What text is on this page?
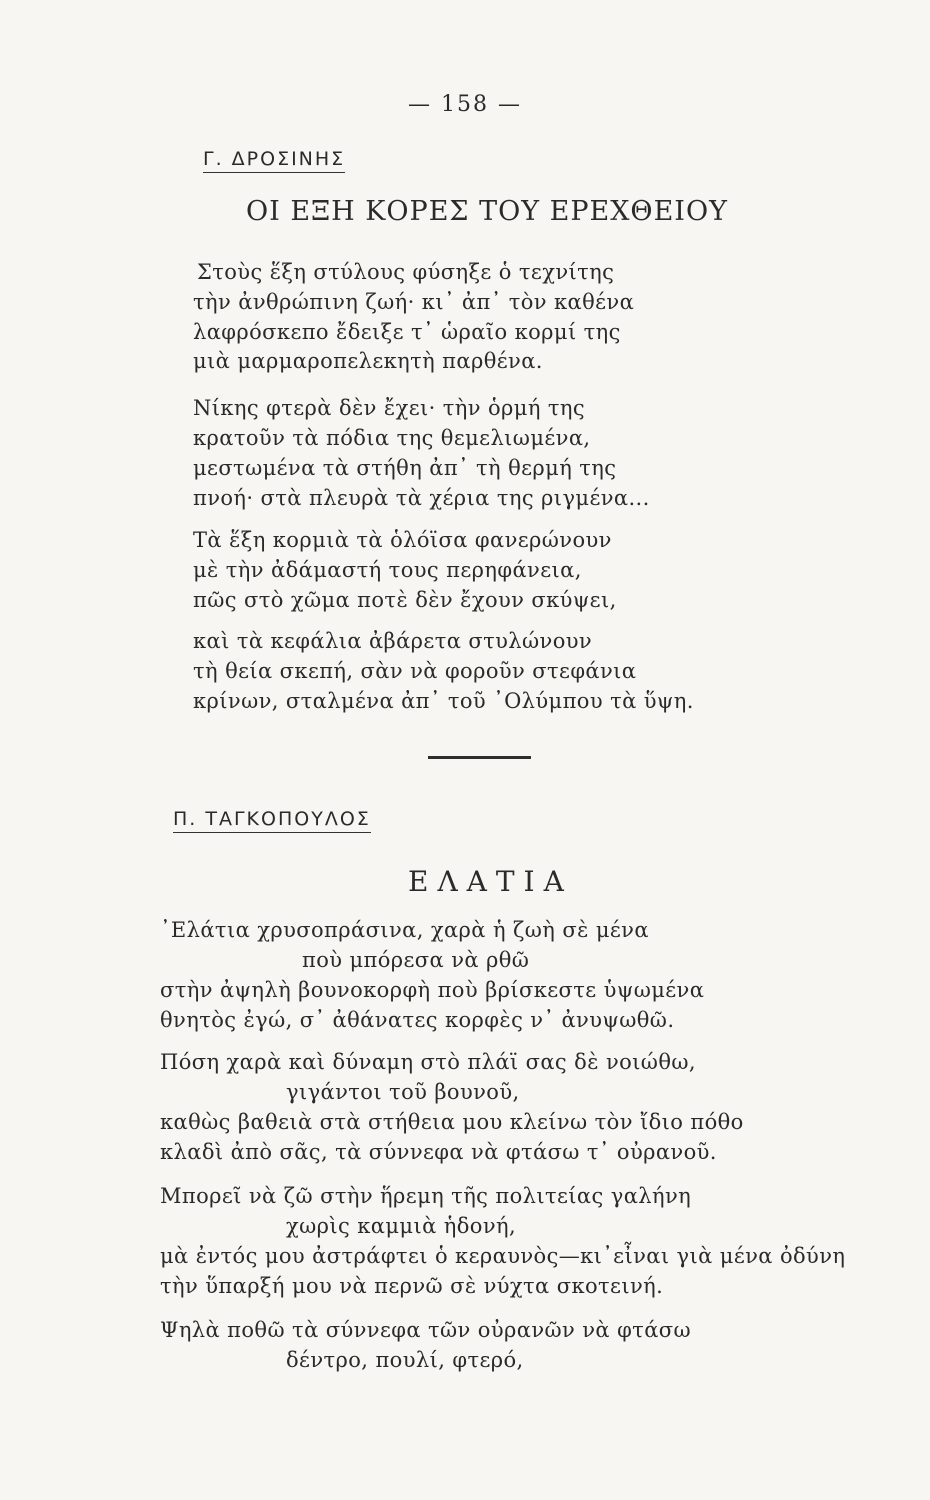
— 158 —
Γ. ΔΡΟΣΙΝΗΣ
ΟΙ ΕΞΗ ΚΟΡΕΣ ΤΟΥ ΕΡΕΧΘΕΙΟΥ
Στοὺς ἕξη στύλους φύσηξε ὁ τεχνίτης
τὴν ἀνθρώπινη ζωή· κι᾽ ἀπ᾽ τὸν καθένα
λαφρόσκεπο ἔδειξε τ᾽ ὡραῖο κορμί της
μιὰ μαρμαροπελεκητὴ παρθένα.
Νίκης φτερὰ δὲν ἔχει· τὴν ὁρμή της
κρατοῦν τὰ πόδια της θεμελιωμένα,
μεστωμένα τὰ στήθη ἀπ᾽ τὴ θερμή της
πνοή· στὰ πλευρὰ τὰ χέρια της ριγμένα...
Τὰ ἕξη κορμιὰ τὰ ὁλόϊσα φανερώνουν
μὲ τὴν ἀδάμαστή τους περηφάνεια,
πῶς στὸ χῶμα ποτὲ δὲν ἔχουν σκύψει,
καὶ τὰ κεφάλια ἀβάρετα στυλώνουν
τὴ θεία σκεπή, σὰν νὰ φοροῦν στεφάνια
κρίνων, σταλμένα ἀπ᾽ τοῦ ᾽Ολύμπου τὰ ὕψη.
Π. ΤΑΓΚΟΠΟΥΛΟΣ
ΕΛΑΤΙΑ
᾽Ελάτια χρυσοπράσινα, χαρὰ ἡ ζωὴ σὲ μένα
ποὺ μπόρεσα νὰ ρθῶ
στὴν ἀψηλὴ βουνοκορφὴ ποὺ βρίσκεστε ὑψωμένα
θνητὸς ἐγώ, σ᾽ ἀθάνατες κορφὲς ν᾽ ἀνυψωθῶ.
Πόση χαρὰ καὶ δύναμη στὸ πλάϊ σας δὲ νοιώθω,
γιγάντοι τοῦ βουνοῦ,
καθὼς βαθειὰ στὰ στήθεια μου κλείνω τὸν ἴδιο πόθο
κλαδὶ ἀπὸ σᾶς, τὰ σύννεφα νὰ φτάσω τ᾽ οὐρανοῦ.
Μπορεῖ νὰ ζῶ στὴν ἥρεμη τῆς πολιτείας γαλήνη
χωρὶς καμμιὰ ἡδονή,
μὰ ἐντός μου ἀστράφτει ὁ κεραυνὸς—κι᾽εἶναι γιὰ μένα ὀδύνη
τὴν ὕπαρξή μου νὰ περνῶ σὲ νύχτα σκοτεινή.
Ψηλὰ ποθῶ τὰ σύννεφα τῶν οὐρανῶν νὰ φτάσω
δέντρο, πουλί, φτερό,
